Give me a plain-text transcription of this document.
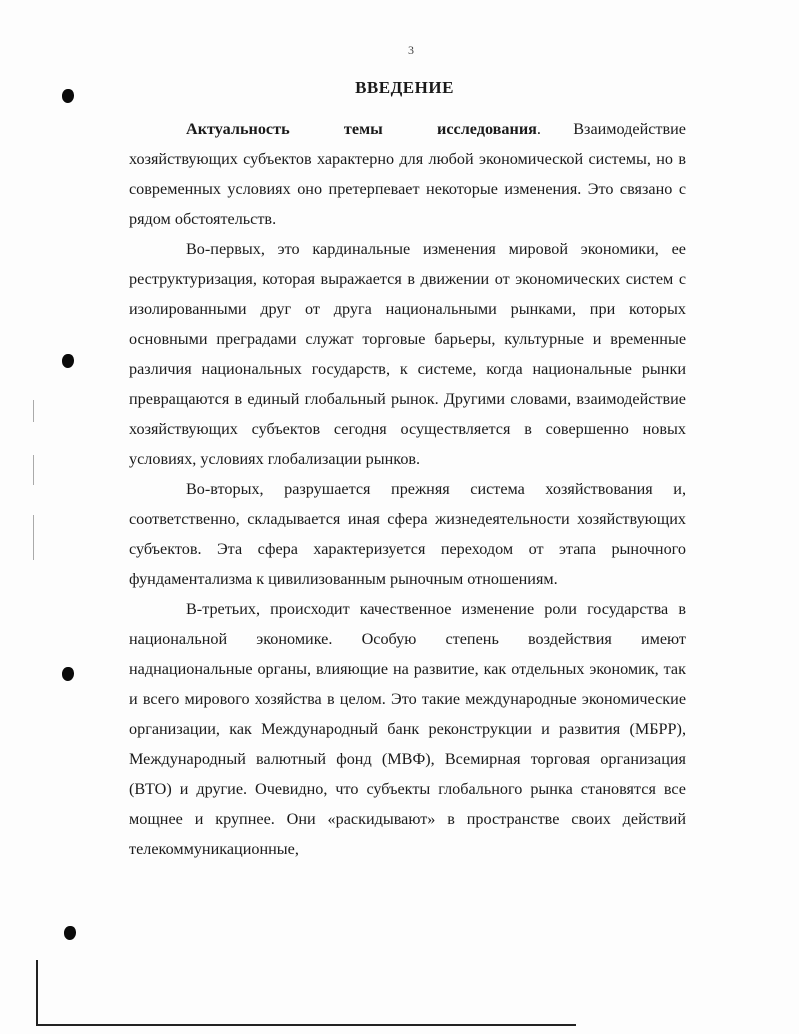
3
ВВЕДЕНИЕ

Актуальность темы исследования. Взаимодействие хозяйствующих субъектов характерно для любой экономической системы, но в современных условиях оно претерпевает некоторые изменения. Это связано с рядом обстоятельств.

Во-первых, это кардинальные изменения мировой экономики, ее реструктуризация, которая выражается в движении от экономических систем с изолированными друг от друга национальными рынками, при которых основными преградами служат торговые барьеры, культурные и временные различия национальных государств, к системе, когда национальные рынки превращаются в единый глобальный рынок. Другими словами, взаимодействие хозяйствующих субъектов сегодня осуществляется в совершенно новых условиях, условиях глобализации рынков.

Во-вторых, разрушается прежняя система хозяйствования и, соответственно, складывается иная сфера жизнедеятельности хозяйствующих субъектов. Эта сфера характеризуется переходом от этапа рыночного фундаментализма к цивилизованным рыночным отношениям.

В-третьих, происходит качественное изменение роли государства в национальной экономике. Особую степень воздействия имеют наднациональные органы, влияющие на развитие, как отдельных экономик, так и всего мирового хозяйства в целом. Это такие международные экономические организации, как Международный банк реконструкции и развития (МБРР), Международный валютный фонд (МВФ), Всемирная торговая организация (ВТО) и другие. Очевидно, что субъекты глобального рынка становятся все мощнее и крупнее. Они «раскидывают» в пространстве своих действий телекоммуникационные,
